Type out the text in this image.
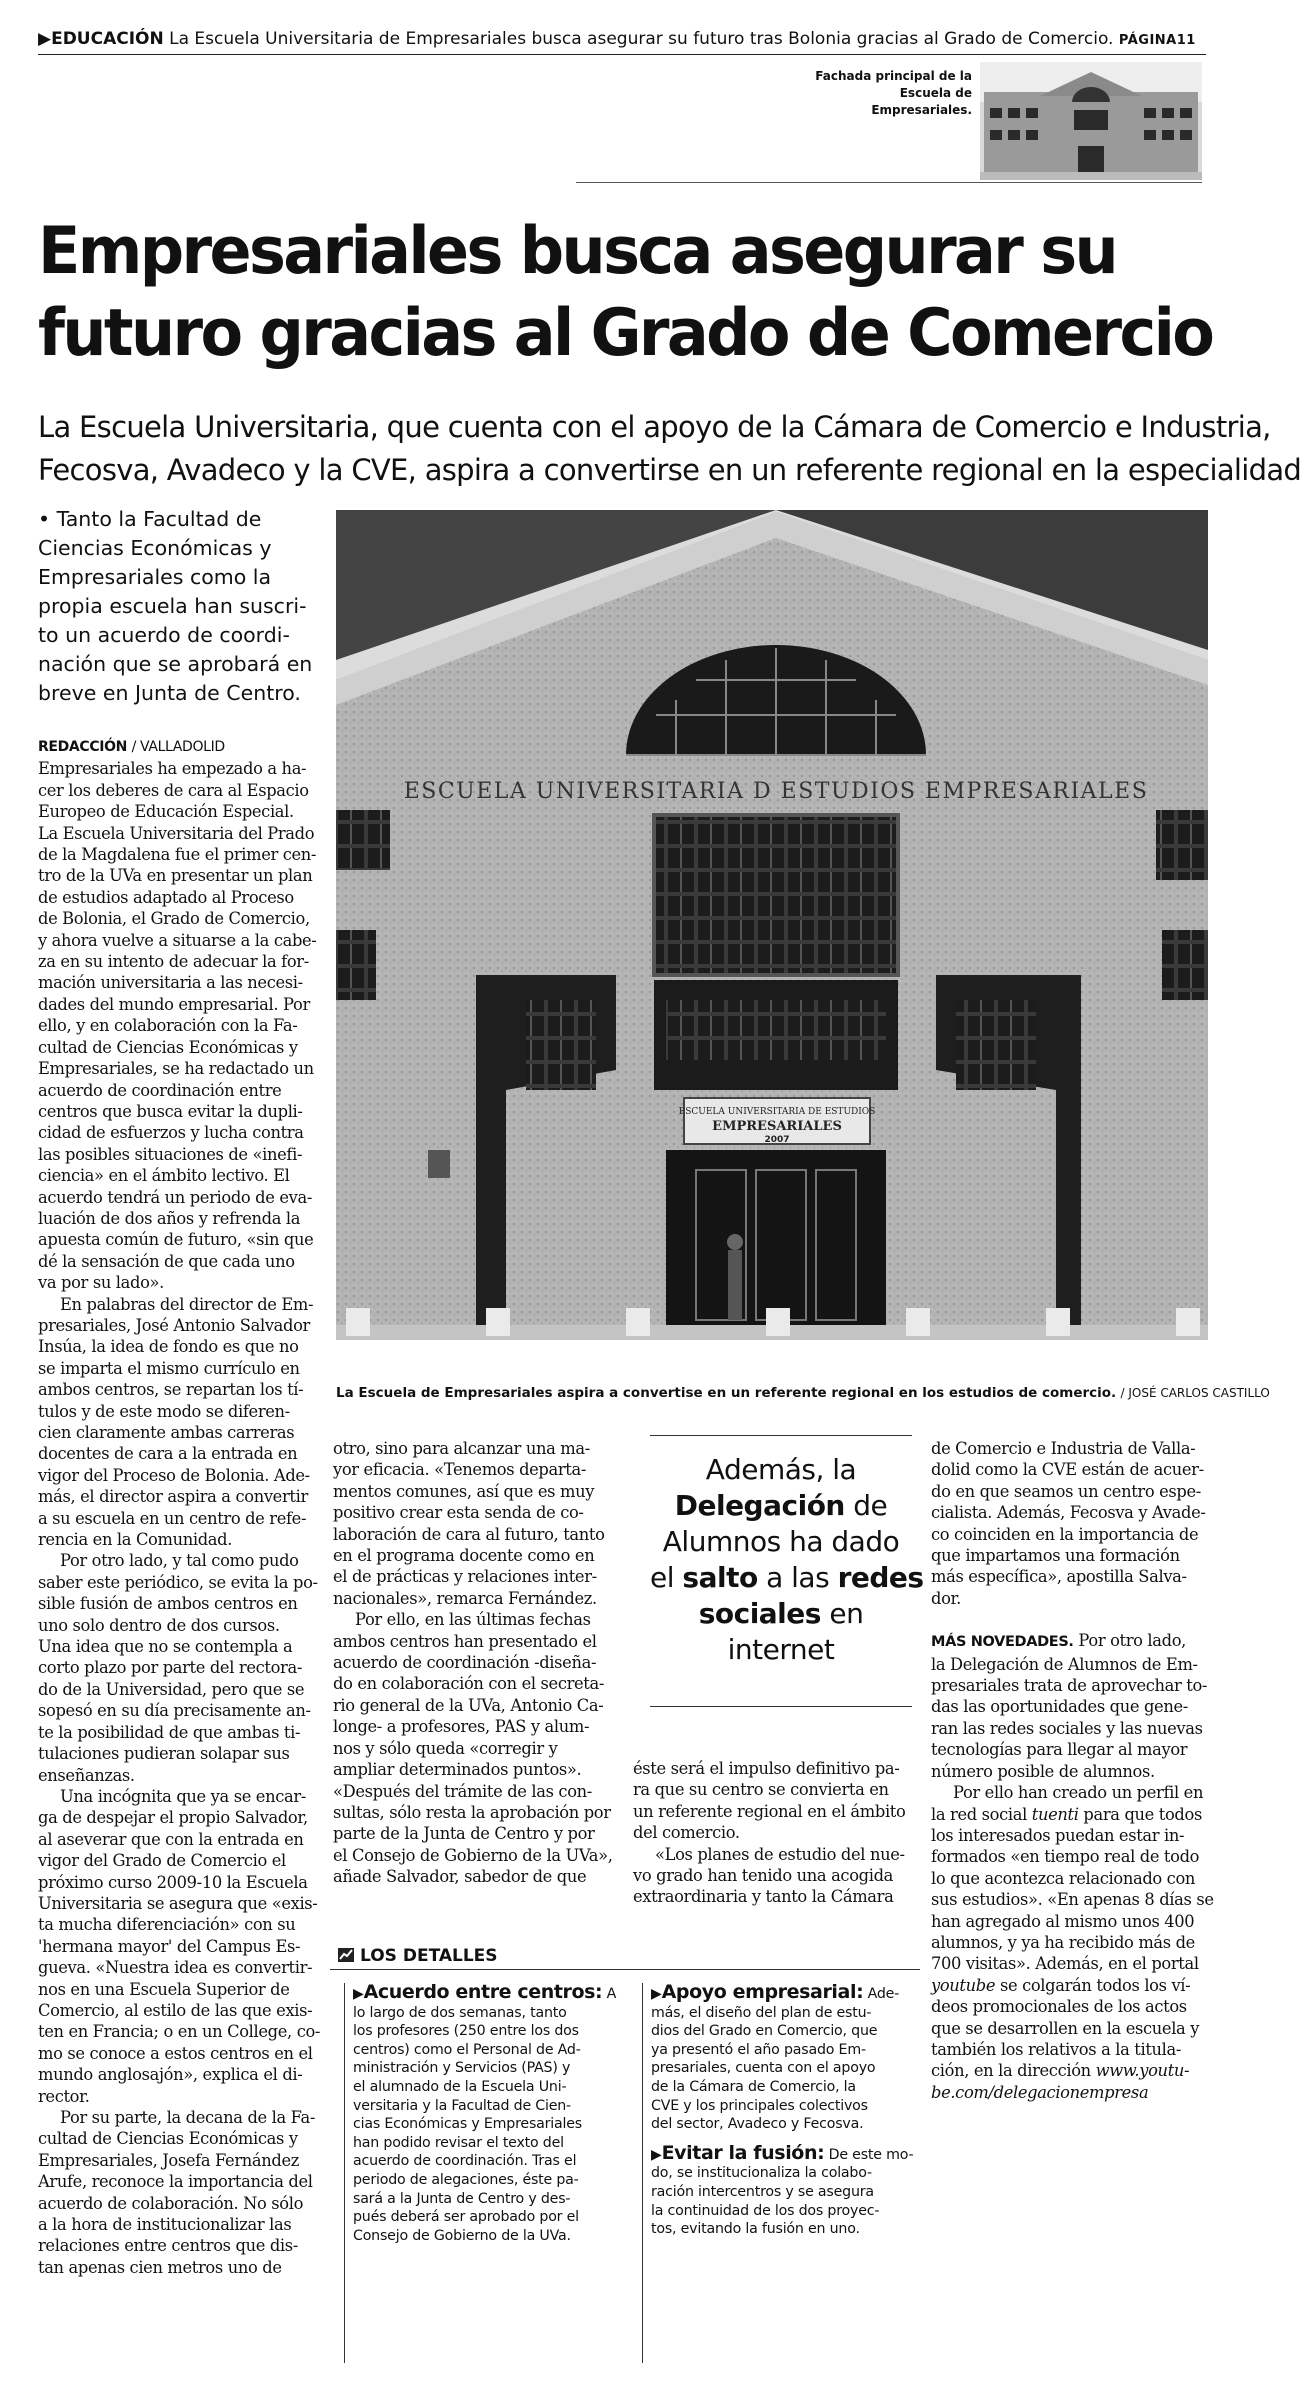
▶EDUCACIÓN La Escuela Universitaria de Empresariales busca asegurar su futuro tras Bolonia gracias al Grado de Comercio. PÁGINA11
Fachada principal de la
Escuela de
Empresariales.
Empresariales busca asegurar su
futuro gracias al Grado de Comercio
La Escuela Universitaria, que cuenta con el apoyo de la Cámara de Comercio e Industria,
Fecosva, Avadeco y la CVE, aspira a convertirse en un referente regional en la especialidad
• Tanto la Facultad de
Ciencias Económicas y
Empresariales como la
propia escuela han suscri-
to un acuerdo de coordi-
nación que se aprobará en
breve en Junta de Centro.
ESCUELA UNIVERSITARIA D ESTUDIOS EMPRESARIALES
ESCUELA UNIVERSITARIA DE ESTUDIOS
EMPRESARIALES
2007
La Escuela de Empresariales aspira a convertise en un referente regional en los estudios de comercio. / JOSÉ CARLOS CASTILLO
REDACCIÓN / VALLADOLID
Empresariales ha empezado a ha-
cer los deberes de cara al Espacio
Europeo de Educación Especial.
La Escuela Universitaria del Prado
de la Magdalena fue el primer cen-
tro de la UVa en presentar un plan
de estudios adaptado al Proceso
de Bolonia, el Grado de Comercio,
y ahora vuelve a situarse a la cabe-
za en su intento de adecuar la for-
mación universitaria a las necesi-
dades del mundo empresarial. Por
ello, y en colaboración con la Fa-
cultad de Ciencias Económicas y
Empresariales, se ha redactado un
acuerdo de coordinación entre
centros que busca evitar la dupli-
cidad de esfuerzos y lucha contra
las posibles situaciones de «inefi-
ciencia» en el ámbito lectivo. El
acuerdo tendrá un periodo de eva-
luación de dos años y refrenda la
apuesta común de futuro, «sin que
dé la sensación de que cada uno
va por su lado».
En palabras del director de Em-
presariales, José Antonio Salvador
Insúa, la idea de fondo es que no
se imparta el mismo currículo en
ambos centros, se repartan los tí-
tulos y de este modo se diferen-
cien claramente ambas carreras
docentes de cara a la entrada en
vigor del Proceso de Bolonia. Ade-
más, el director aspira a convertir
a su escuela en un centro de refe-
rencia en la Comunidad.
Por otro lado, y tal como pudo
saber este periódico, se evita la po-
sible fusión de ambos centros en
uno solo dentro de dos cursos.
Una idea que no se contempla a
corto plazo por parte del rectora-
do de la Universidad, pero que se
sopesó en su día precisamente an-
te la posibilidad de que ambas ti-
tulaciones pudieran solapar sus
enseñanzas.
Una incógnita que ya se encar-
ga de despejar el propio Salvador,
al aseverar que con la entrada en
vigor del Grado de Comercio el
próximo curso 2009-10 la Escuela
Universitaria se asegura que «exis-
ta mucha diferenciación» con su
'hermana mayor' del Campus Es-
gueva. «Nuestra idea es convertir-
nos en una Escuela Superior de
Comercio, al estilo de las que exis-
ten en Francia; o en un College, co-
mo se conoce a estos centros en el
mundo anglosajón», explica el di-
rector.
Por su parte, la decana de la Fa-
cultad de Ciencias Económicas y
Empresariales, Josefa Fernández
Arufe, reconoce la importancia del
acuerdo de colaboración. No sólo
a la hora de institucionalizar las
relaciones entre centros que dis-
tan apenas cien metros uno de
otro, sino para alcanzar una ma-
yor eficacia. «Tenemos departa-
mentos comunes, así que es muy
positivo crear esta senda de co-
laboración de cara al futuro, tanto
en el programa docente como en
el de prácticas y relaciones inter-
nacionales», remarca Fernández.
Por ello, en las últimas fechas
ambos centros han presentado el
acuerdo de coordinación -diseña-
do en colaboración con el secreta-
rio general de la UVa, Antonio Ca-
longe- a profesores, PAS y alum-
nos y sólo queda «corregir y
ampliar determinados puntos».
«Después del trámite de las con-
sultas, sólo resta la aprobación por
parte de la Junta de Centro y por
el Consejo de Gobierno de la UVa»,
añade Salvador, sabedor de que
Además, la
Delegación de
Alumnos ha dado
el salto a las redes
sociales en
internet
éste será el impulso definitivo pa-
ra que su centro se convierta en
un referente regional en el ámbito
del comercio.
«Los planes de estudio del nue-
vo grado han tenido una acogida
extraordinaria y tanto la Cámara
de Comercio e Industria de Valla-
dolid como la CVE están de acuer-
do en que seamos un centro espe-
cialista. Además, Fecosva y Avade-
co coinciden en la importancia de
que impartamos una formación
más específica», apostilla Salva-
dor.
MÁS NOVEDADES. Por otro lado,
la Delegación de Alumnos de Em-
presariales trata de aprovechar to-
das las oportunidades que gene-
ran las redes sociales y las nuevas
tecnologías para llegar al mayor
número posible de alumnos.
Por ello han creado un perfil en
la red social tuenti para que todos
los interesados puedan estar in-
formados «en tiempo real de todo
lo que acontezca relacionado con
sus estudios». «En apenas 8 días se
han agregado al mismo unos 400
alumnos, y ya ha recibido más de
700 visitas». Además, en el portal
youtube se colgarán todos los ví-
deos promocionales de los actos
que se desarrollen en la escuela y
también los relativos a la titula-
ción, en la dirección www.youtu-
be.com/delegacionempresa
LOS DETALLES
▶Acuerdo entre centros: A
lo largo de dos semanas, tanto
los profesores (250 entre los dos
centros) como el Personal de Ad-
ministración y Servicios (PAS) y
el alumnado de la Escuela Uni-
versitaria y la Facultad de Cien-
cias Económicas y Empresariales
han podido revisar el texto del
acuerdo de coordinación. Tras el
periodo de alegaciones, éste pa-
sará a la Junta de Centro y des-
pués deberá ser aprobado por el
Consejo de Gobierno de la UVa.
▶Apoyo empresarial: Ade-
más, el diseño del plan de estu-
dios del Grado en Comercio, que
ya presentó el año pasado Em-
presariales, cuenta con el apoyo
de la Cámara de Comercio, la
CVE y los principales colectivos
del sector, Avadeco y Fecosva.
▶Evitar la fusión: De este mo-
do, se institucionaliza la colabo-
ración intercentros y se asegura
la continuidad de los dos proyec-
tos, evitando la fusión en uno.
